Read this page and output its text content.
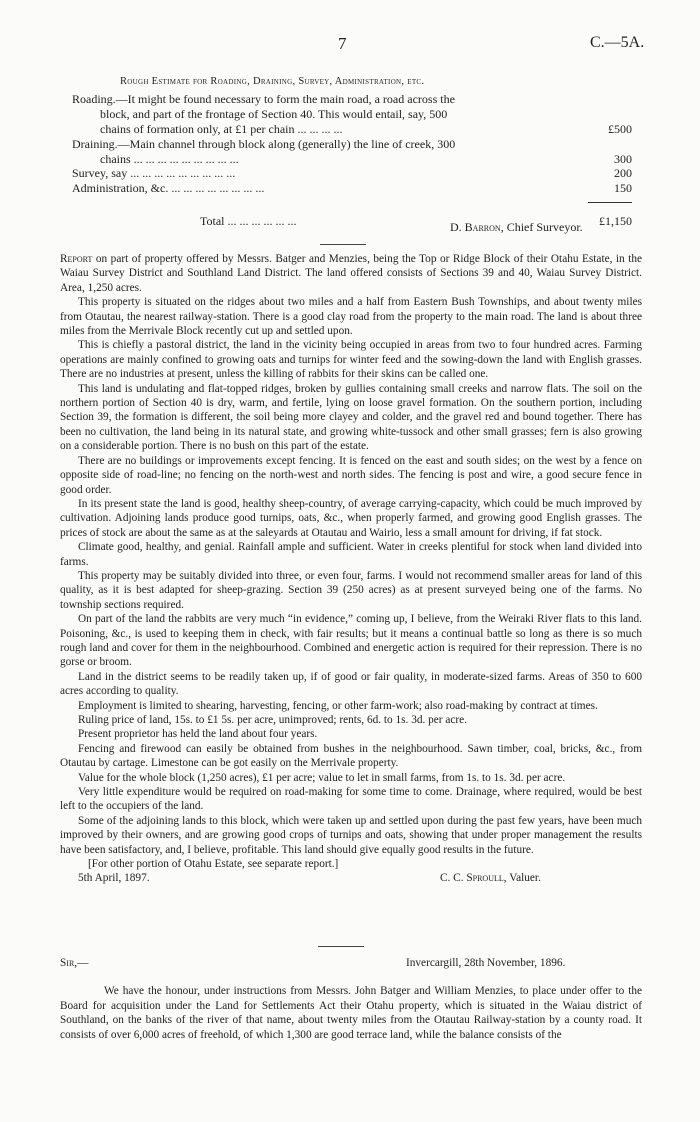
7	C.—5A.
Rough Estimate for Roading, Draining, Survey, Administration, etc.
Roading.—It might be found necessary to form the main road, a road across the
block, and part of the frontage of Section 40. This would entail, say, 500
chains of formation only, at £1 per chain ... ... ... ...	£500
Draining.—Main channel through block along (generally) the line of creek, 300
chains ... ... ... ... ... ... ... ... ...	300
Survey, say ... ... ... ... ... ... ... ... ...	200
Administration, &c. ... ... ... ... ... ... ... ...	150
Total ... ... ... ... ... ...	£1,150
D. Barron, Chief Surveyor.

Report on part of property offered by Messrs. Batger and Menzies, being the Top or Ridge Block of their Otahu Estate, in the Waiau Survey District and Southland Land District. The land offered consists of Sections 39 and 40, Waiau Survey District. Area, 1,250 acres.

This property is situated on the ridges about two miles and a half from Eastern Bush Townships, and about twenty miles from Otautau, the nearest railway-station. There is a good clay road from the property to the main road. The land is about three miles from the Merrivale Block recently cut up and settled upon.

This is chiefly a pastoral district, the land in the vicinity being occupied in areas from two to four hundred acres. Farming operations are mainly confined to growing oats and turnips for winter feed and the sowing-down the land with English grasses. There are no industries at present, unless the killing of rabbits for their skins can be called one.

This land is undulating and flat-topped ridges, broken by gullies containing small creeks and narrow flats. The soil on the northern portion of Section 40 is dry, warm, and fertile, lying on loose gravel formation. On the southern portion, including Section 39, the formation is different, the soil being more clayey and colder, and the gravel red and bound together. There has been no cultivation, the land being in its natural state, and growing white-tussock and other small grasses; fern is also growing on a considerable portion. There is no bush on this part of the estate.

There are no buildings or improvements except fencing. It is fenced on the east and south sides; on the west by a fence on opposite side of road-line; no fencing on the north-west and north sides. The fencing is post and wire, a good secure fence in good order.

In its present state the land is good, healthy sheep-country, of average carrying-capacity, which could be much improved by cultivation. Adjoining lands produce good turnips, oats, &c., when properly farmed, and growing good English grasses. The prices of stock are about the same as at the saleyards at Otautau and Wairio, less a small amount for driving, if fat stock.

Climate good, healthy, and genial. Rainfall ample and sufficient. Water in creeks plentiful for stock when land divided into farms.

This property may be suitably divided into three, or even four, farms. I would not recommend smaller areas for land of this quality, as it is best adapted for sheep-grazing. Section 39 (250 acres) as at present surveyed being one of the farms. No township sections required.

On part of the land the rabbits are very much “in evidence,” coming up, I believe, from the Weiraki River flats to this land. Poisoning, &c., is used to keeping them in check, with fair results; but it means a continual battle so long as there is so much rough land and cover for them in the neighbourhood. Combined and energetic action is required for their repression. There is no gorse or broom.

Land in the district seems to be readily taken up, if of good or fair quality, in moderate-sized farms. Areas of 350 to 600 acres according to quality.

Employment is limited to shearing, harvesting, fencing, or other farm-work; also road-making by contract at times.

Ruling price of land, 15s. to £1 5s. per acre, unimproved; rents, 6d. to 1s. 3d. per acre.

Present proprietor has held the land about four years.

Fencing and firewood can easily be obtained from bushes in the neighbourhood. Sawn timber, coal, bricks, &c., from Otautau by cartage. Limestone can be got easily on the Merrivale property.

Value for the whole block (1,250 acres), £1 per acre; value to let in small farms, from 1s. to 1s. 3d. per acre.

Very little expenditure would be required on road-making for some time to come. Drainage, where required, would be best left to the occupiers of the land.

Some of the adjoining lands to this block, which were taken up and settled upon during the past few years, have been much improved by their owners, and are growing good crops of turnips and oats, showing that under proper management the results have been satisfactory, and, I believe, profitable. This land should give equally good results in the future.

[For other portion of Otahu Estate, see separate report.]

5th April, 1897.	C. C. Sproull, Valuer.
Sir,—	Invercargill, 28th November, 1896.

We have the honour, under instructions from Messrs. John Batger and William Menzies, to place under offer to the Board for acquisition under the Land for Settlements Act their Otahu property, which is situated in the Waiau district of Southland, on the banks of the river of that name, about twenty miles from the Otautau Railway-station by a county road. It consists of over 6,000 acres of freehold, of which 1,300 are good terrace land, while the balance consists of the
